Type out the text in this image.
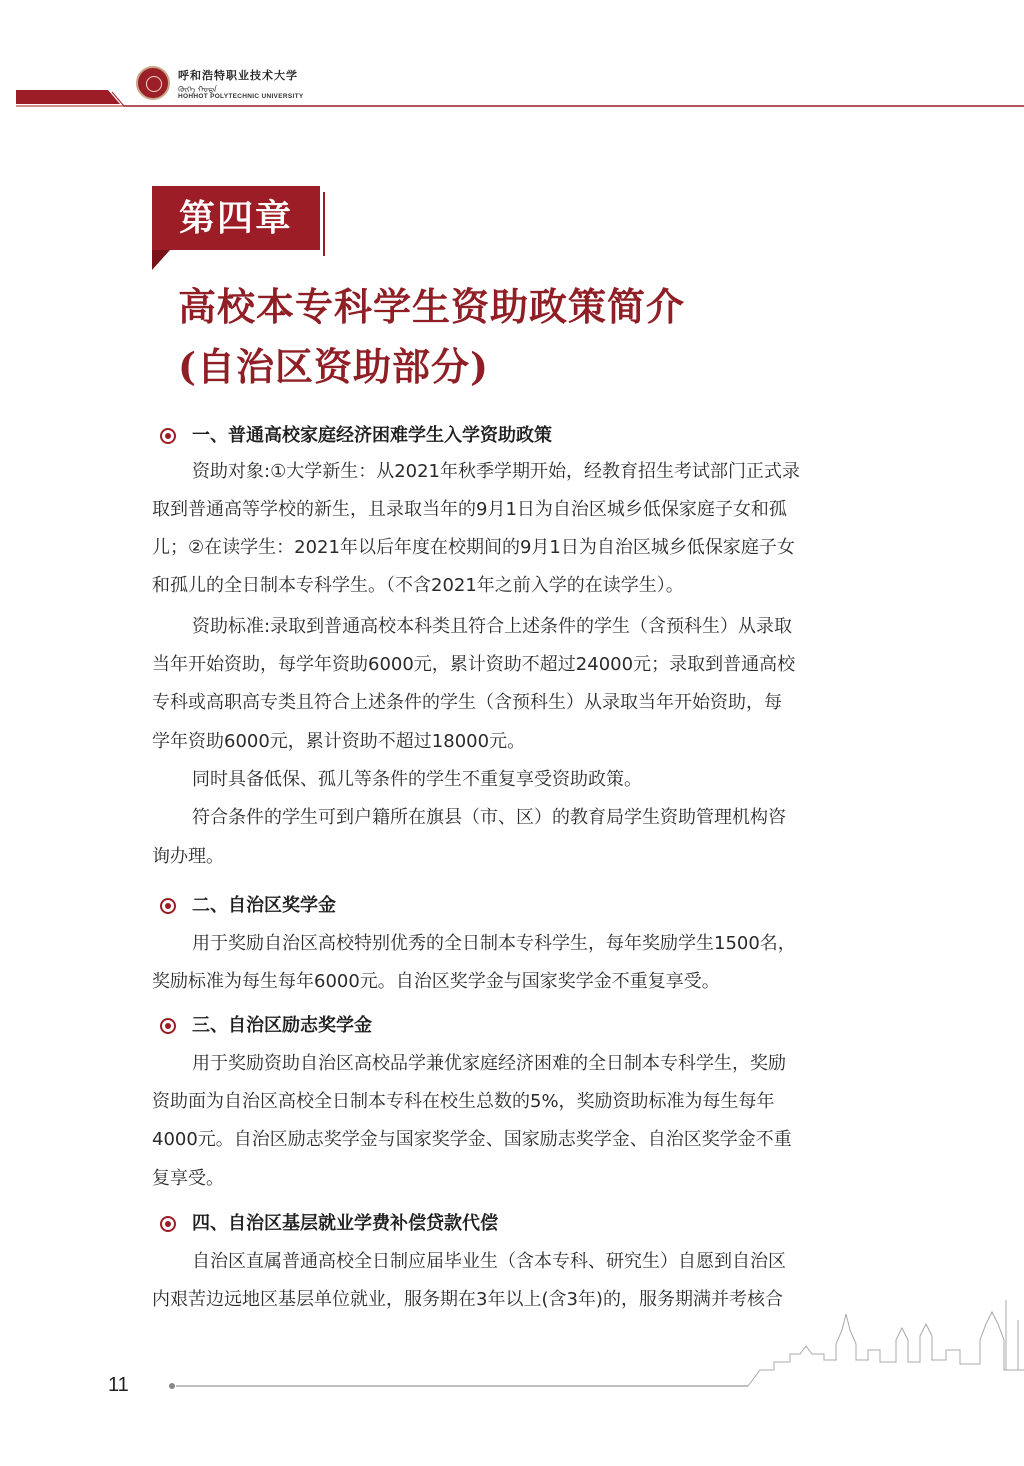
呼和浩特职业技术大学
ᠬᠥᠬᠡ ᠬᠣᠲᠠ
HOHHOT POLYTECHNIC UNIVERSITY
第四章
高校本专科学生资助政策简介
(自治区资助部分)
一、普通高校家庭经济困难学生入学资助政策
资助对象:①大学新生：从2021年秋季学期开始，经教育招生考试部门正式录
取到普通高等学校的新生，且录取当年的9月1日为自治区城乡低保家庭子女和孤
儿；②在读学生：2021年以后年度在校期间的9月1日为自治区城乡低保家庭子女
和孤儿的全日制本专科学生。（不含2021年之前入学的在读学生）。
资助标准:录取到普通高校本科类且符合上述条件的学生（含预科生）从录取
当年开始资助，每学年资助6000元，累计资助不超过24000元；录取到普通高校
专科或高职高专类且符合上述条件的学生（含预科生）从录取当年开始资助，每
学年资助6000元，累计资助不超过18000元。
同时具备低保、孤儿等条件的学生不重复享受资助政策。
符合条件的学生可到户籍所在旗县（市、区）的教育局学生资助管理机构咨
询办理。
二、自治区奖学金
用于奖励自治区高校特别优秀的全日制本专科学生，每年奖励学生1500名，
奖励标准为每生每年6000元。自治区奖学金与国家奖学金不重复享受。
三、自治区励志奖学金
用于奖励资助自治区高校品学兼优家庭经济困难的全日制本专科学生，奖励
资助面为自治区高校全日制本专科在校生总数的5%，奖励资助标准为每生每年
4000元。自治区励志奖学金与国家奖学金、国家励志奖学金、自治区奖学金不重
复享受。
四、自治区基层就业学费补偿贷款代偿
自治区直属普通高校全日制应届毕业生（含本专科、研究生）自愿到自治区
内艰苦边远地区基层单位就业，服务期在3年以上(含3年)的，服务期满并考核合
11
